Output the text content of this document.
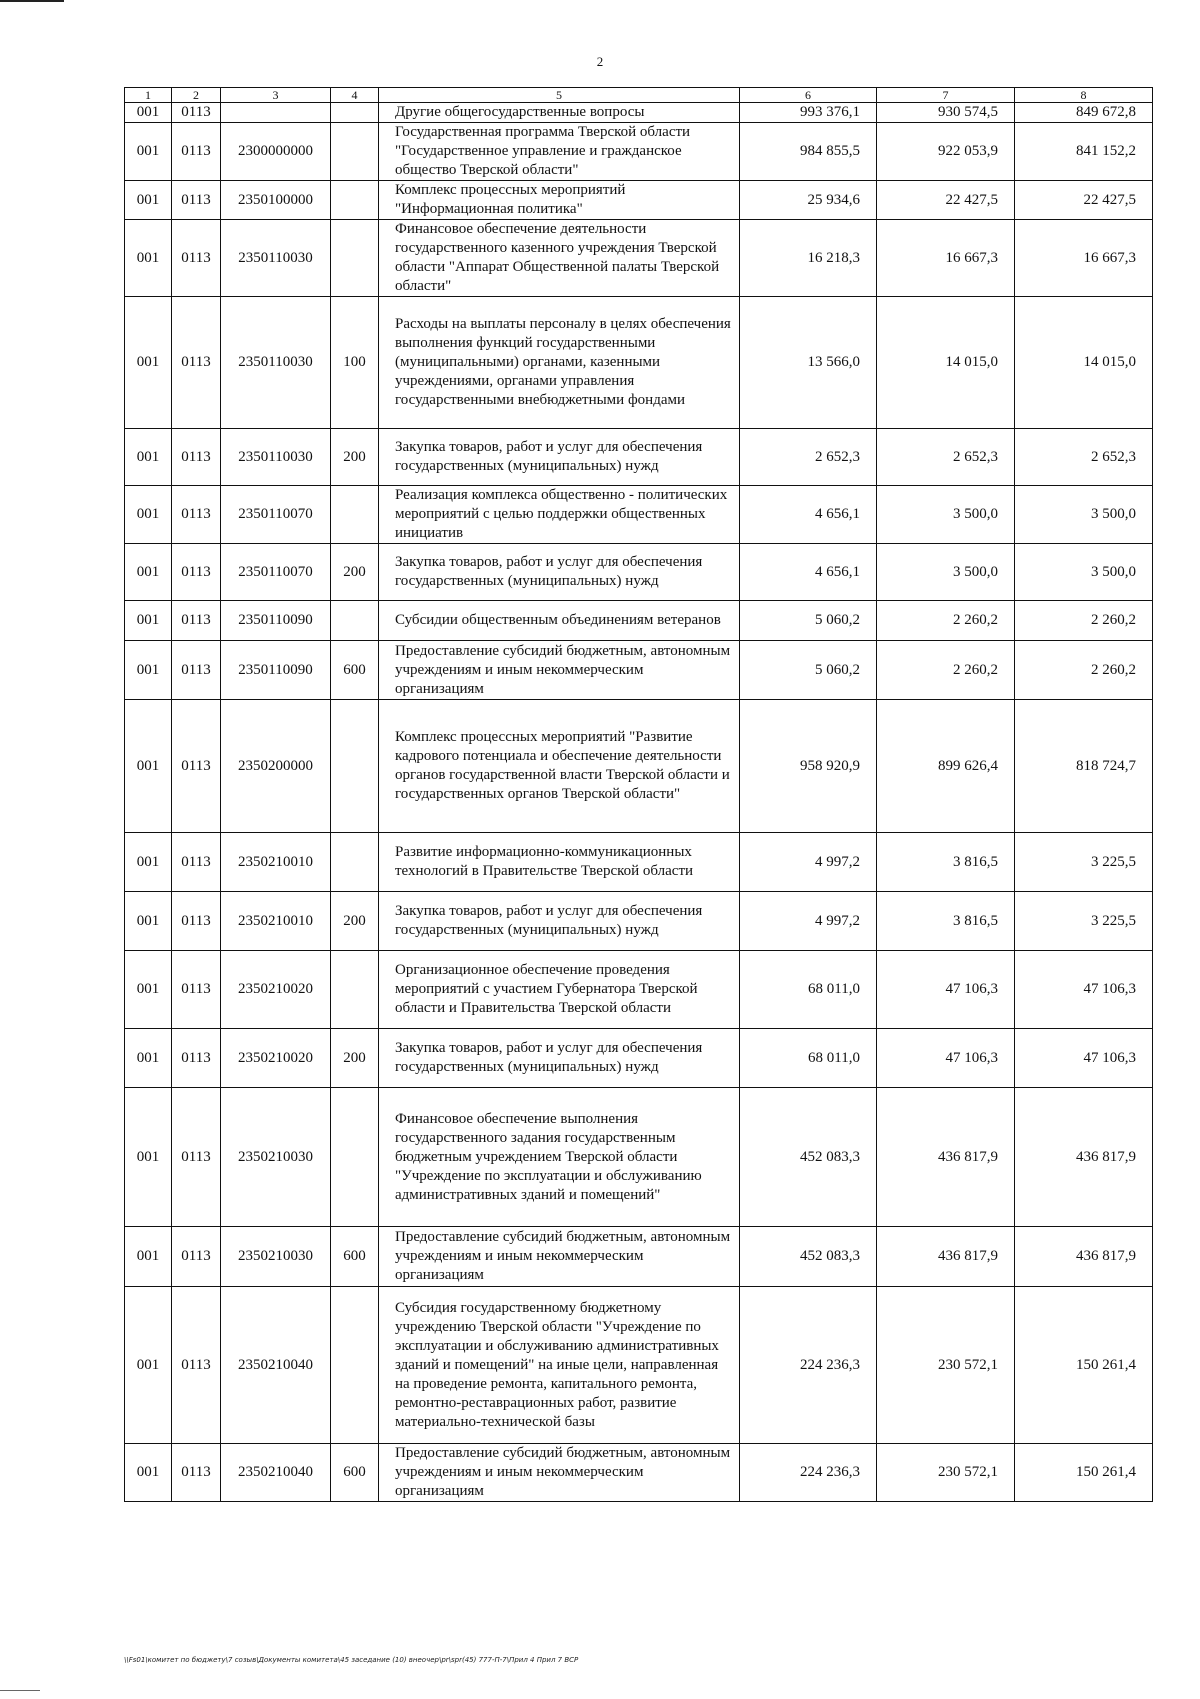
2
1	2	3	4	5	6	7	8
001	0113			Другие общегосударственные вопросы	993 376,1	930 574,5	849 672,8
001	0113	2300000000		Государственная программа Тверской области "Государственное управление и гражданское общество Тверской области"	984 855,5	922 053,9	841 152,2
001	0113	2350100000		Комплекс процессных мероприятий "Информационная политика"	25 934,6	22 427,5	22 427,5
001	0113	2350110030		Финансовое обеспечение деятельности государственного казенного учреждения Тверской области "Аппарат Общественной палаты Тверской области"	16 218,3	16 667,3	16 667,3
001	0113	2350110030	100	Расходы на выплаты персоналу в целях обеспечения выполнения функций государственными (муниципальными) органами, казенными учреждениями, органами управления государственными внебюджетными фондами	13 566,0	14 015,0	14 015,0
001	0113	2350110030	200	Закупка товаров, работ и услуг для обеспечения государственных (муниципальных) нужд	2 652,3	2 652,3	2 652,3
001	0113	2350110070		Реализация комплекса общественно - политических мероприятий с целью поддержки общественных инициатив	4 656,1	3 500,0	3 500,0
001	0113	2350110070	200	Закупка товаров, работ и услуг для обеспечения государственных (муниципальных) нужд	4 656,1	3 500,0	3 500,0
001	0113	2350110090		Субсидии общественным объединениям ветеранов	5 060,2	2 260,2	2 260,2
001	0113	2350110090	600	Предоставление субсидий бюджетным, автономным учреждениям и иным некоммерческим организациям	5 060,2	2 260,2	2 260,2
001	0113	2350200000		Комплекс процессных мероприятий "Развитие кадрового потенциала и обеспечение деятельности органов государственной власти Тверской области и государственных органов Тверской области"	958 920,9	899 626,4	818 724,7
001	0113	2350210010		Развитие информационно-коммуникационных технологий в Правительстве Тверской области	4 997,2	3 816,5	3 225,5
001	0113	2350210010	200	Закупка товаров, работ и услуг для обеспечения государственных (муниципальных) нужд	4 997,2	3 816,5	3 225,5
001	0113	2350210020		Организационное обеспечение проведения мероприятий с участием Губернатора Тверской области и Правительства Тверской области	68 011,0	47 106,3	47 106,3
001	0113	2350210020	200	Закупка товаров, работ и услуг для обеспечения государственных (муниципальных) нужд	68 011,0	47 106,3	47 106,3
001	0113	2350210030		Финансовое обеспечение выполнения государственного задания государственным бюджетным учреждением Тверской области "Учреждение по эксплуатации и обслуживанию административных зданий и помещений"	452 083,3	436 817,9	436 817,9
001	0113	2350210030	600	Предоставление субсидий бюджетным, автономным учреждениям и иным некоммерческим организациям	452 083,3	436 817,9	436 817,9
001	0113	2350210040		Субсидия государственному бюджетному учреждению Тверской области "Учреждение по эксплуатации и обслуживанию административных зданий и помещений" на иные цели, направленная на проведение ремонта, капитального ремонта, ремонтно-реставрационных работ, развитие материально-технической базы	224 236,3	230 572,1	150 261,4
001	0113	2350210040	600	Предоставление субсидий бюджетным, автономным учреждениям и иным некоммерческим организациям	224 236,3	230 572,1	150 261,4
\\Fs01\комитет по бюджету\7 созыв\Документы комитета\45 заседание (10) внеочер\pr\spr(45) 777-П-7\Прил 4 Прил 7 ВСР
